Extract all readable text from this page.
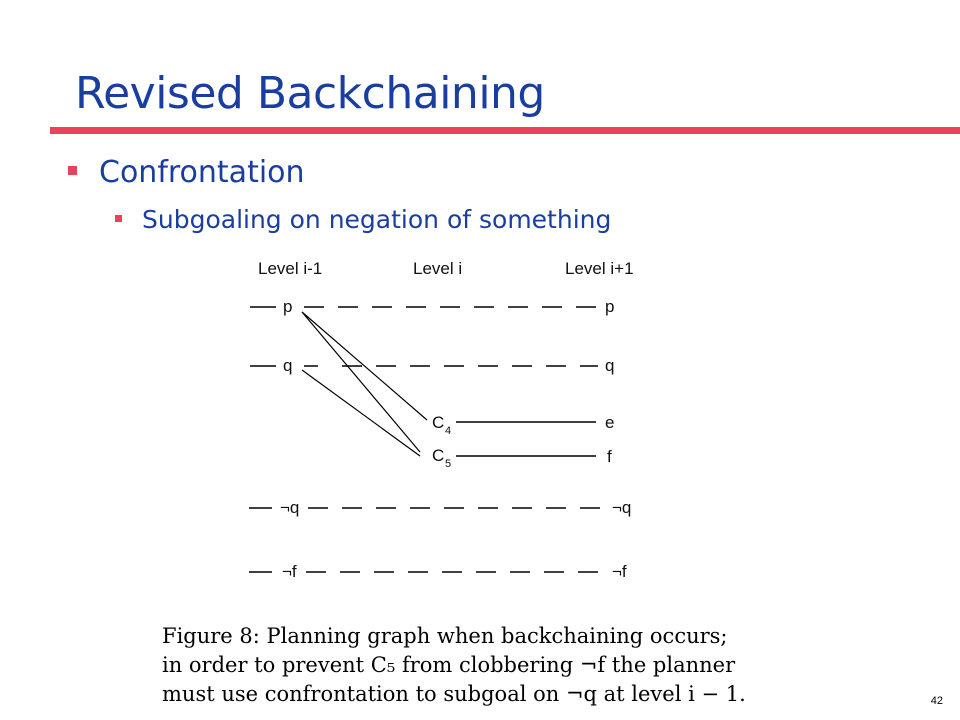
Revised Backchaining
Confrontation
Subgoaling on negation of something
Level i-1	Level i	Level i+1
p	p
q	q
C 4	e
C 5	f
¬q	¬q
¬f	¬f
Figure 8: Planning graph when backchaining occurs;
in order to prevent C₅ from clobbering ¬f the planner
must use confrontation to subgoal on ¬q at level i − 1.	42
